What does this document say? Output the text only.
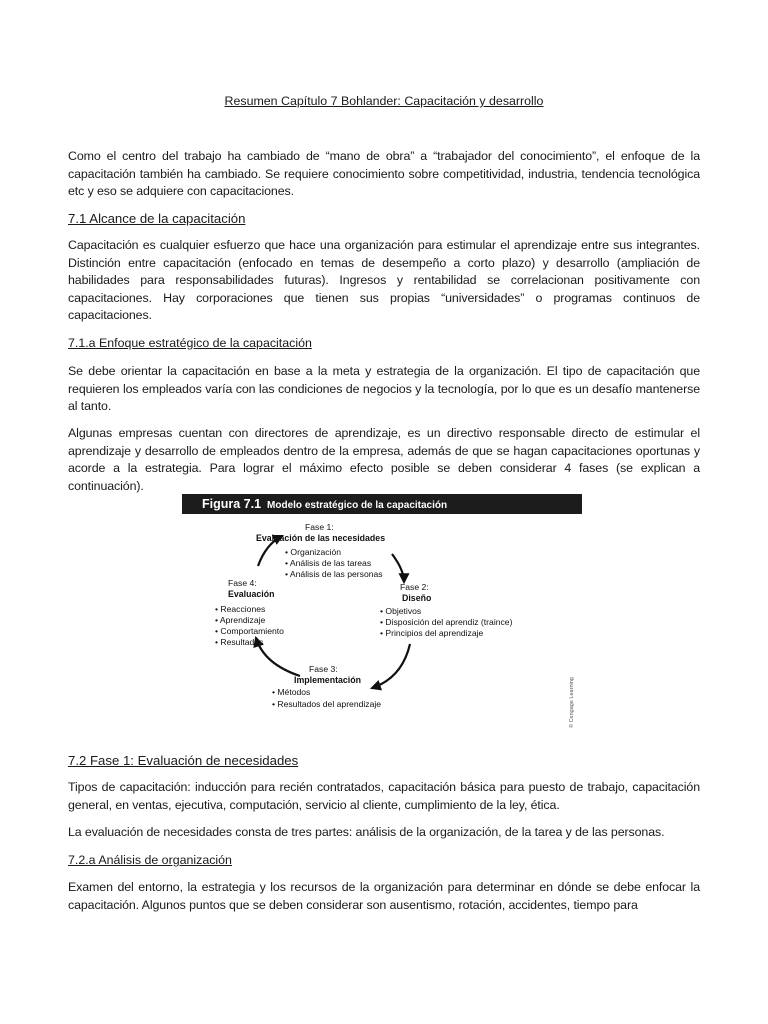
Resumen Capítulo 7 Bohlander: Capacitación y desarrollo

Como el centro del trabajo ha cambiado de “mano de obra” a “trabajador del conocimiento”, el enfoque de la capacitación también ha cambiado. Se requiere conocimiento sobre competitividad, industria, tendencia tecnológica etc y eso se adquiere con capacitaciones.

7.1 Alcance de la capacitación

Capacitación es cualquier esfuerzo que hace una organización para estimular el aprendizaje entre sus integrantes. Distinción entre capacitación (enfocado en temas de desempeño a corto plazo) y desarrollo (ampliación de habilidades para responsabilidades futuras). Ingresos y rentabilidad se correlacionan positivamente con capacitaciones. Hay corporaciones que tienen sus propias “universidades” o programas continuos de capacitaciones.

7.1.a Enfoque estratégico de la capacitación

Se debe orientar la capacitación en base a la meta y estrategia de la organización. El tipo de capacitación que requieren los empleados varía con las condiciones de negocios y la tecnología, por lo que es un desafío mantenerse al tanto.

Algunas empresas cuentan con directores de aprendizaje, es un directivo responsable directo de estimular el aprendizaje y desarrollo de empleados dentro de la empresa, además de que se hagan capacitaciones oportunas y acorde a la estrategia. Para lograr el máximo efecto posible se deben considerar 4 fases (se explican a continuación).

7.2 Fase 1: Evaluación de necesidades

Tipos de capacitación: inducción para recién contratados, capacitación básica para puesto de trabajo, capacitación general, en ventas, ejecutiva, computación, servicio al cliente, cumplimiento de la ley, ética.

La evaluación de necesidades consta de tres partes: análisis de la organización, de la tarea y de las personas.

7.2.a Análisis de organización

Examen del entorno, la estrategia y los recursos de la organización para determinar en dónde se debe enfocar la capacitación. Algunos puntos que se deben considerar son ausentismo, rotación, accidentes, tiempo para

Figura 7.1 Modelo estratégico de la capacitación
Fase 1:
Evaluación de las necesidades
• Organización
• Análisis de las tareas
• Análisis de las personas
Fase 2:
Diseño
• Objetivos
• Disposición del aprendiz (traince)
• Principios del aprendizaje
Fase 3:
Implementación
• Métodos
• Resultados del aprendizaje
Fase 4:
Evaluación
• Reacciones
• Aprendizaje
• Comportamiento
• Resultados
© Cengage Learning
